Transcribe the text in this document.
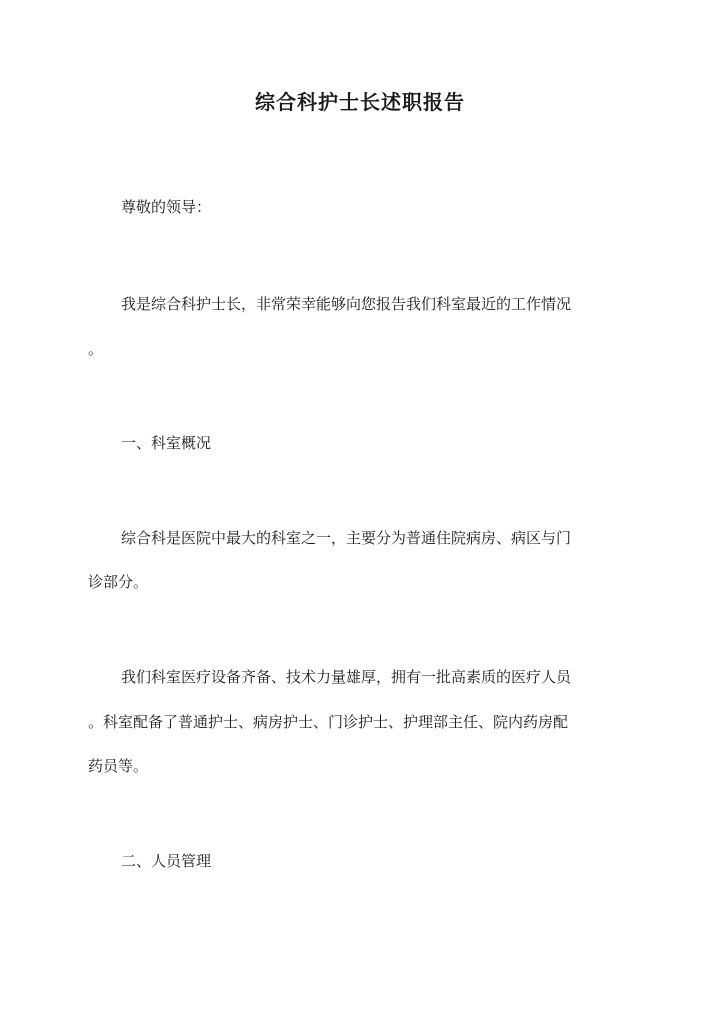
综合科护士长述职报告
尊敬的领导：
我是综合科护士长，非常荣幸能够向您报告我们科室最近的工作情况
。
一、科室概况
综合科是医院中最大的科室之一，主要分为普通住院病房、病区与门
诊部分。
我们科室医疗设备齐备、技术力量雄厚，拥有一批高素质的医疗人员
。科室配备了普通护士、病房护士、门诊护士、护理部主任、院内药房配
药员等。
二、人员管理
